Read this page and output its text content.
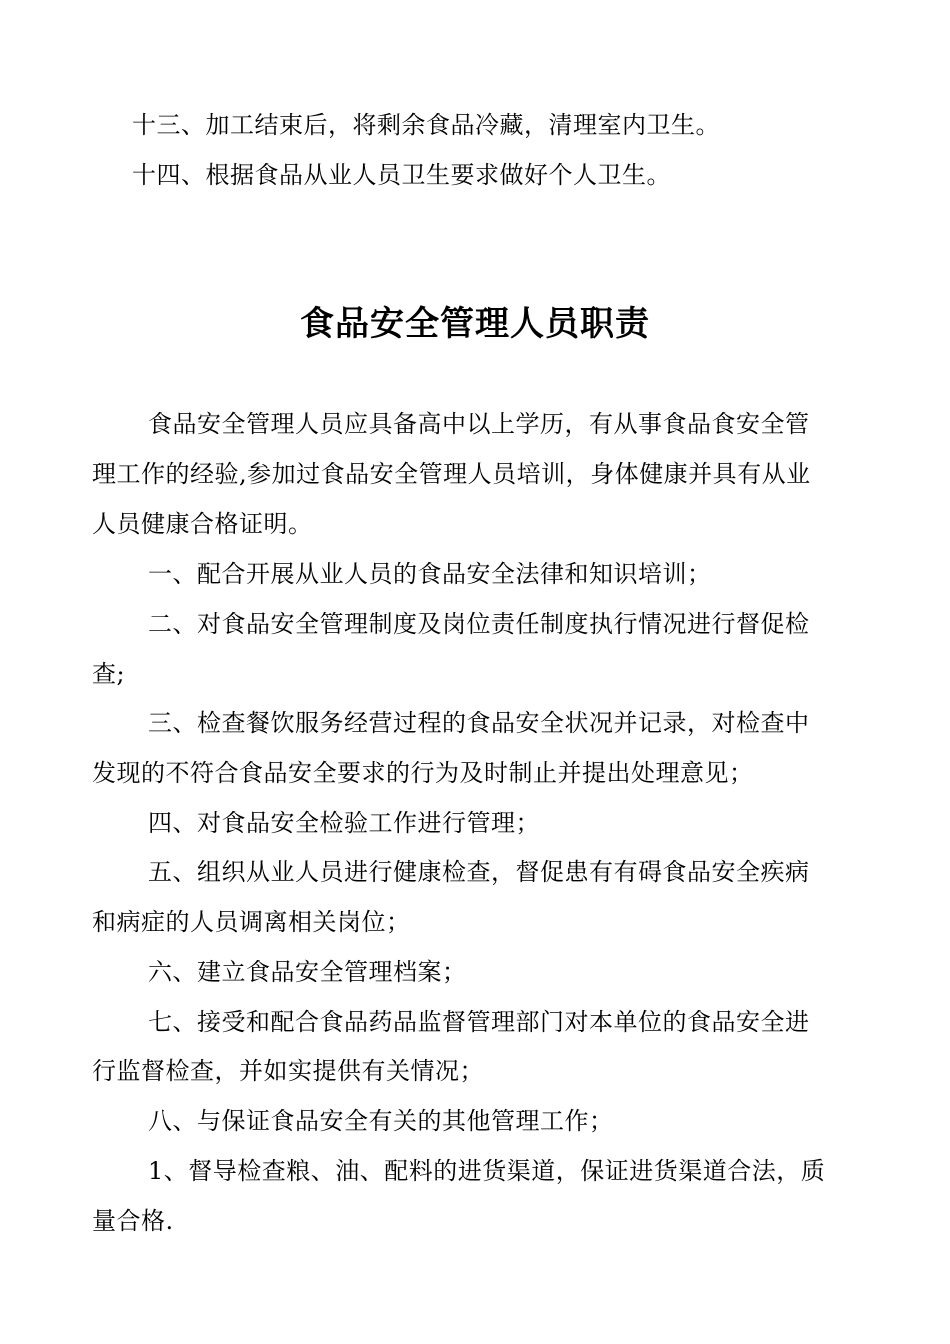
十三、加工结束后，将剩余食品冷藏，清理室内卫生。
十四、根据食品从业人员卫生要求做好个人卫生。
食品安全管理人员职责
食品安全管理人员应具备高中以上学历，有从事食品食安全管
理工作的经验,参加过食品安全管理人员培训，身体健康并具有从业
人员健康合格证明。
一、配合开展从业人员的食品安全法律和知识培训；
二、对食品安全管理制度及岗位责任制度执行情况进行督促检
查;
三、检查餐饮服务经营过程的食品安全状况并记录，对检查中
发现的不符合食品安全要求的行为及时制止并提出处理意见；
四、对食品安全检验工作进行管理；
五、组织从业人员进行健康检查，督促患有有碍食品安全疾病
和病症的人员调离相关岗位；
六、建立食品安全管理档案；
七、接受和配合食品药品监督管理部门对本单位的食品安全进
行监督检查，并如实提供有关情况；
八、与保证食品安全有关的其他管理工作；
1、督导检查粮、油、配料的进货渠道，保证进货渠道合法，质
量合格.
